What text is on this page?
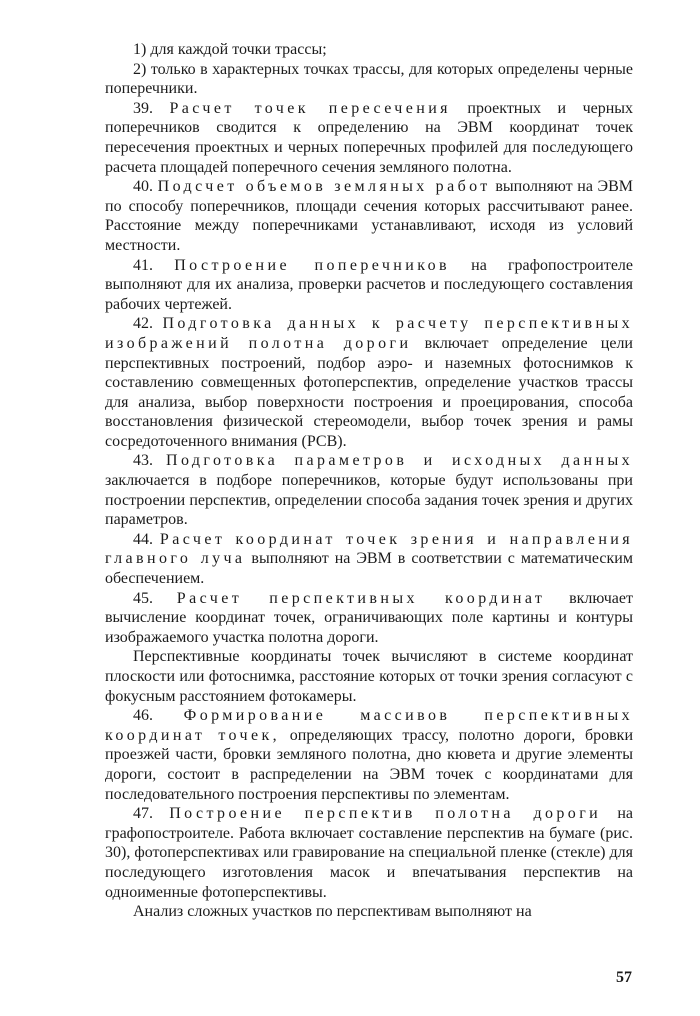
1) для каждой точки трассы;

2) только в характерных точках трассы, для которых определены черные поперечники.

39. Расчет точек пересечения проектных и черных поперечников сводится к определению на ЭВМ координат точек пересечения проектных и черных поперечных профилей для последующего расчета площадей поперечного сечения земляного полотна.

40. Подсчет объемов земляных работ выполняют на ЭВМ по способу поперечников, площади сечения которых рассчитывают ранее. Расстояние между поперечниками устанавливают, исходя из условий местности.

41. Построение поперечников на графопостроителе выполняют для их анализа, проверки расчетов и последующего составления рабочих чертежей.

42. Подготовка данных к расчету перспективных изображений полотна дороги включает определение цели перспективных построений, подбор аэро- и наземных фотоснимков к составлению совмещенных фотоперспектив, определение участков трассы для анализа, выбор поверхности построения и проецирования, способа восстановления физической стереомодели, выбор точек зрения и рамы сосредоточенного внимания (РСВ).

43. Подготовка параметров и исходных данных заключается в подборе поперечников, которые будут использованы при построении перспектив, определении способа задания точек зрения и других параметров.

44. Расчет координат точек зрения и направления главного луча выполняют на ЭВМ в соответствии с математическим обеспечением.

45. Расчет перспективных координат включает вычисление координат точек, ограничивающих поле картины и контуры изображаемого участка полотна дороги.

Перспективные координаты точек вычисляют в системе координат плоскости или фотоснимка, расстояние которых от точки зрения согласуют с фокусным расстоянием фотокамеры.

46. Формирование массивов перспективных координат точек, определяющих трассу, полотно дороги, бровки проезжей части, бровки земляного полотна, дно кювета и другие элементы дороги, состоит в распределении на ЭВМ точек с координатами для последовательного построения перспективы по элементам.

47. Построение перспектив полотна дороги на графопостроителе. Работа включает составление перспектив на бумаге (рис. 30), фотоперспективах или гравирование на специальной пленке (стекле) для последующего изготовления масок и впечатывания перспектив на одноименные фотоперспективы.

Анализ сложных участков по перспективам выполняют на

57
